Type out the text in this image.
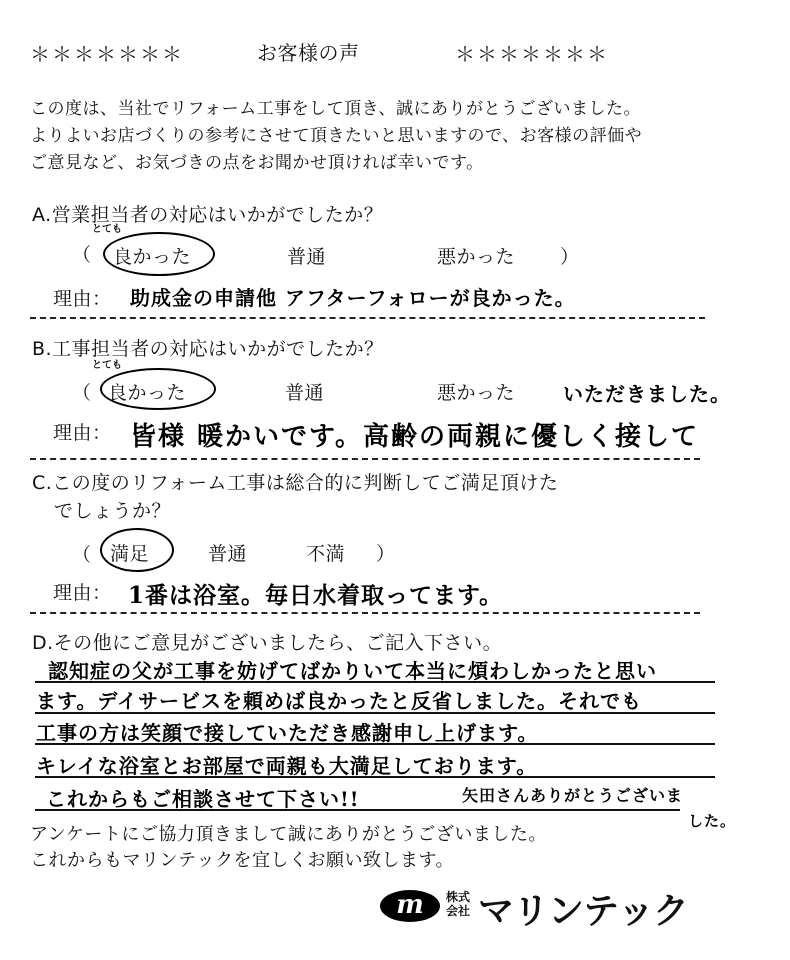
＊＊＊＊＊＊＊	お客様の声	＊＊＊＊＊＊＊
この度は、当社でリフォーム工事をして頂き、誠にありがとうございました。
よりよいお店づくりの参考にさせて頂きたいと思いますので、お客様の評価や
ご意見など、お気づきの点をお聞かせ頂ければ幸いです。
A.営業担当者の対応はいかがでしたか？
とても
（ 良かった	普通	悪かった ）
理由： 助成金の申請他 アフターフォローが良かった。
B.工事担当者の対応はいかがでしたか？
とても
（ 良かった	普通	悪かった いただきました。
理由： 皆様 暖かいです。高齢の両親に優しく接して
C.この度のリフォーム工事は総合的に判断してご満足頂けた
でしょうか？
（ 満足	普通	不満 ）
理由： 1番は浴室。毎日水着取ってます。
D.その他にご意見がございましたら、ご記入下さい。
認知症の父が工事を妨げてばかりいて本当に煩わしかったと思い
ます。デイサービスを頼めば良かったと反省しました。それでも
工事の方は笑顔で接していただき感謝申し上げます。
キレイな浴室とお部屋で両親も大満足しております。
これからもご相談させて下さい!!	矢田さんありがとうございま
した。
アンケートにご協力頂きまして誠にありがとうございました。
これからもマリンテックを宜しくお願い致します。
m	株式
会社 マリンテック
